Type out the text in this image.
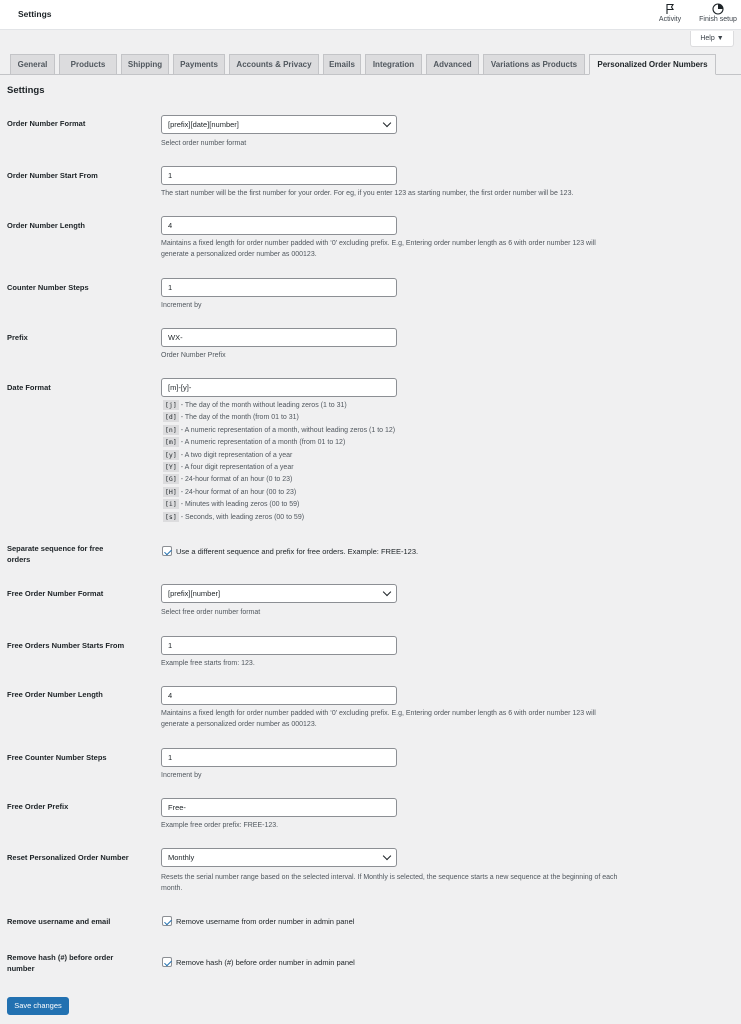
Settings
Activity	Finish setup
Help ▼
General	Products	Shipping	Payments	Accounts & Privacy	Emails	Integration	Advanced	Variations as Products	Personalized Order Numbers
Settings
Order Number Format	[prefix][date][number]
Select order number format
Order Number Start From	1
The start number will be the first number for your order. For eg, if you enter 123 as starting number, the first order number will be 123.
Order Number Length	4
Maintains a fixed length for order number padded with ‘0’ excluding prefix. E.g, Entering order number length as 6 with order number 123 will
generate a personalized order number as 000123.
Counter Number Steps	1
Increment by
Prefix	WX-
Order Number Prefix
Date Format	[m]-[y]-
[j] - The day of the month without leading zeros (1 to 31)
[d] - The day of the month (from 01 to 31)
[n] - A numeric representation of a month, without leading zeros (1 to 12)
[m] - A numeric representation of a month (from 01 to 12)
[y] - A two digit representation of a year
[Y] - A four digit representation of a year
[G] - 24-hour format of an hour (0 to 23)
[H] - 24-hour format of an hour (00 to 23)
[i] - Minutes with leading zeros (00 to 59)
[s] - Seconds, with leading zeros (00 to 59)
Separate sequence for free
orders
Use a different sequence and prefix for free orders. Example: FREE-123.
Free Order Number Format	[prefix][number]
Select free order number format
Free Orders Number Starts From	1
Example free starts from: 123.
Free Order Number Length	4
Maintains a fixed length for order number padded with ‘0’ excluding prefix. E.g, Entering order number length as 6 with order number 123 will
generate a personalized order number as 000123.
Free Counter Number Steps	1
Increment by
Free Order Prefix	Free-
Example free order prefix: FREE-123.
Reset Personalized Order Number	Monthly
Resets the serial number range based on the selected interval. If Monthly is selected, the sequence starts a new sequence at the beginning of each
month.
Remove username and email	Remove username from order number in admin panel
Remove hash (#) before order
number
Remove hash (#) before order number in admin panel
Save changes
